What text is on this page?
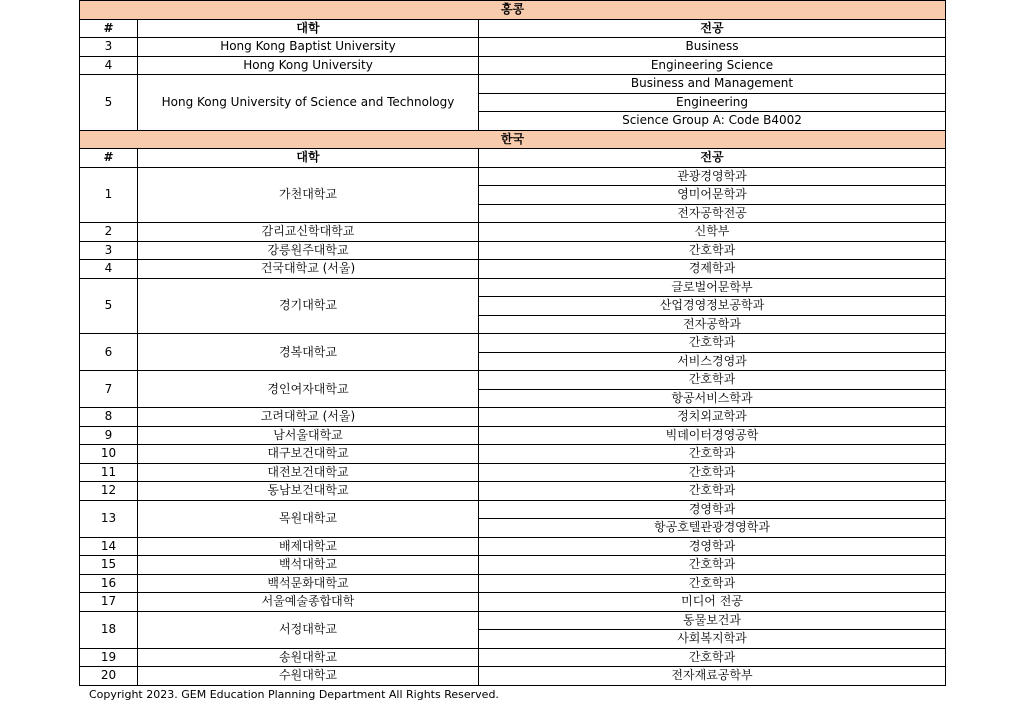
홍콩		
#	대학	전공
3	Hong Kong Baptist University	Business
4	Hong Kong University	Engineering Science
5	Hong Kong University of Science and Technology	Business and Management
		Engineering
		Science Group A: Code B4002
한국		
#	대학	전공
1	가천대학교	관광경영학과
		영미어문학과
		전자공학전공
2	감리교신학대학교	신학부
3	강릉원주대학교	간호학과
4	건국대학교 (서울)	경제학과
5	경기대학교	글로벌어문학부
		산업경영정보공학과
		전자공학과
6	경복대학교	간호학과
		서비스경영과
7	경인여자대학교	간호학과
		항공서비스학과
8	고려대학교 (서울)	정치외교학과
9	남서울대학교	빅데이터경영공학
10	대구보건대학교	간호학과
11	대전보건대학교	간호학과
12	동남보건대학교	간호학과
13	목원대학교	경영학과
		항공호텔관광경영학과
14	배제대학교	경영학과
15	백석대학교	간호학과
16	백석문화대학교	간호학과
17	서울예술종합대학	미디어 전공
18	서정대학교	동물보건과
		사회복지학과
19	송원대학교	간호학과
20	수원대학교	전자재료공학부
Copyright 2023. GEM Education Planning Department All Rights Reserved.
